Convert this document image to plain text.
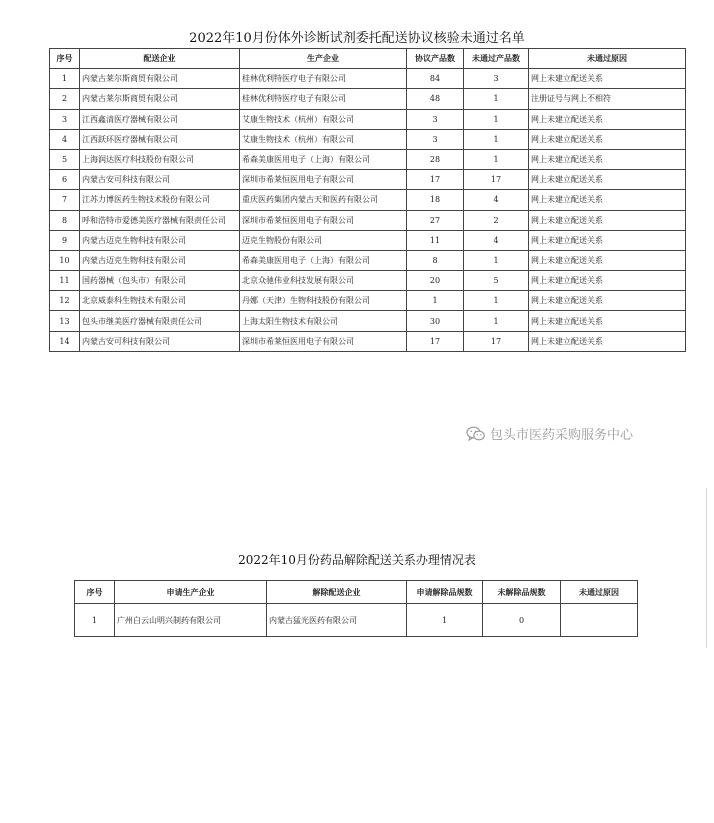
2022年10月份体外诊断试剂委托配送协议核验未通过名单
序号	配送企业	生产企业	协议产品数	未通过产品数	未通过原因
1	内蒙古莱尔斯商贸有限公司	桂林优利特医疗电子有限公司	84	3	网上未建立配送关系
2	内蒙古莱尔斯商贸有限公司	桂林优利特医疗电子有限公司	48	1	注册证号与网上不相符
3	江西鑫清医疗器械有限公司	艾康生物技术（杭州）有限公司	3	1	网上未建立配送关系
4	江西跃环医疗器械有限公司	艾康生物技术（杭州）有限公司	3	1	网上未建立配送关系
5	上海润达医疗科技股份有限公司	希森美康医用电子（上海）有限公司	28	1	网上未建立配送关系
6	内蒙古安可科技有限公司	深圳市希莱恒医用电子有限公司	17	17	网上未建立配送关系
7	江苏力博医药生物技术股份有限公司	重庆医药集团内蒙古天和医药有限公司	18	4	网上未建立配送关系
8	呼和浩特市爱德美医疗器械有限责任公司	深圳市希莱恒医用电子有限公司	27	2	网上未建立配送关系
9	内蒙古迈克生物科技有限公司	迈克生物股份有限公司	11	4	网上未建立配送关系
10	内蒙古迈克生物科技有限公司	希森美康医用电子（上海）有限公司	8	1	网上未建立配送关系
11	国药器械（包头市）有限公司	北京众驰伟业科技发展有限公司	20	5	网上未建立配送关系
12	北京威泰科生物技术有限公司	丹娜（天津）生物科技股份有限公司	1	1	网上未建立配送关系
13	包头市继美医疗器械有限责任公司	上海太阳生物技术有限公司	30	1	网上未建立配送关系
14	内蒙古安可科技有限公司	深圳市希莱恒医用电子有限公司	17	17	网上未建立配送关系
包头市医药采购服务中心
2022年10月份药品解除配送关系办理情况表
序号	申请生产企业	解除配送企业	申请解除品规数	未解除品规数	未通过原因
1	广州白云山明兴制药有限公司	内蒙古猛光医药有限公司	1	0	
